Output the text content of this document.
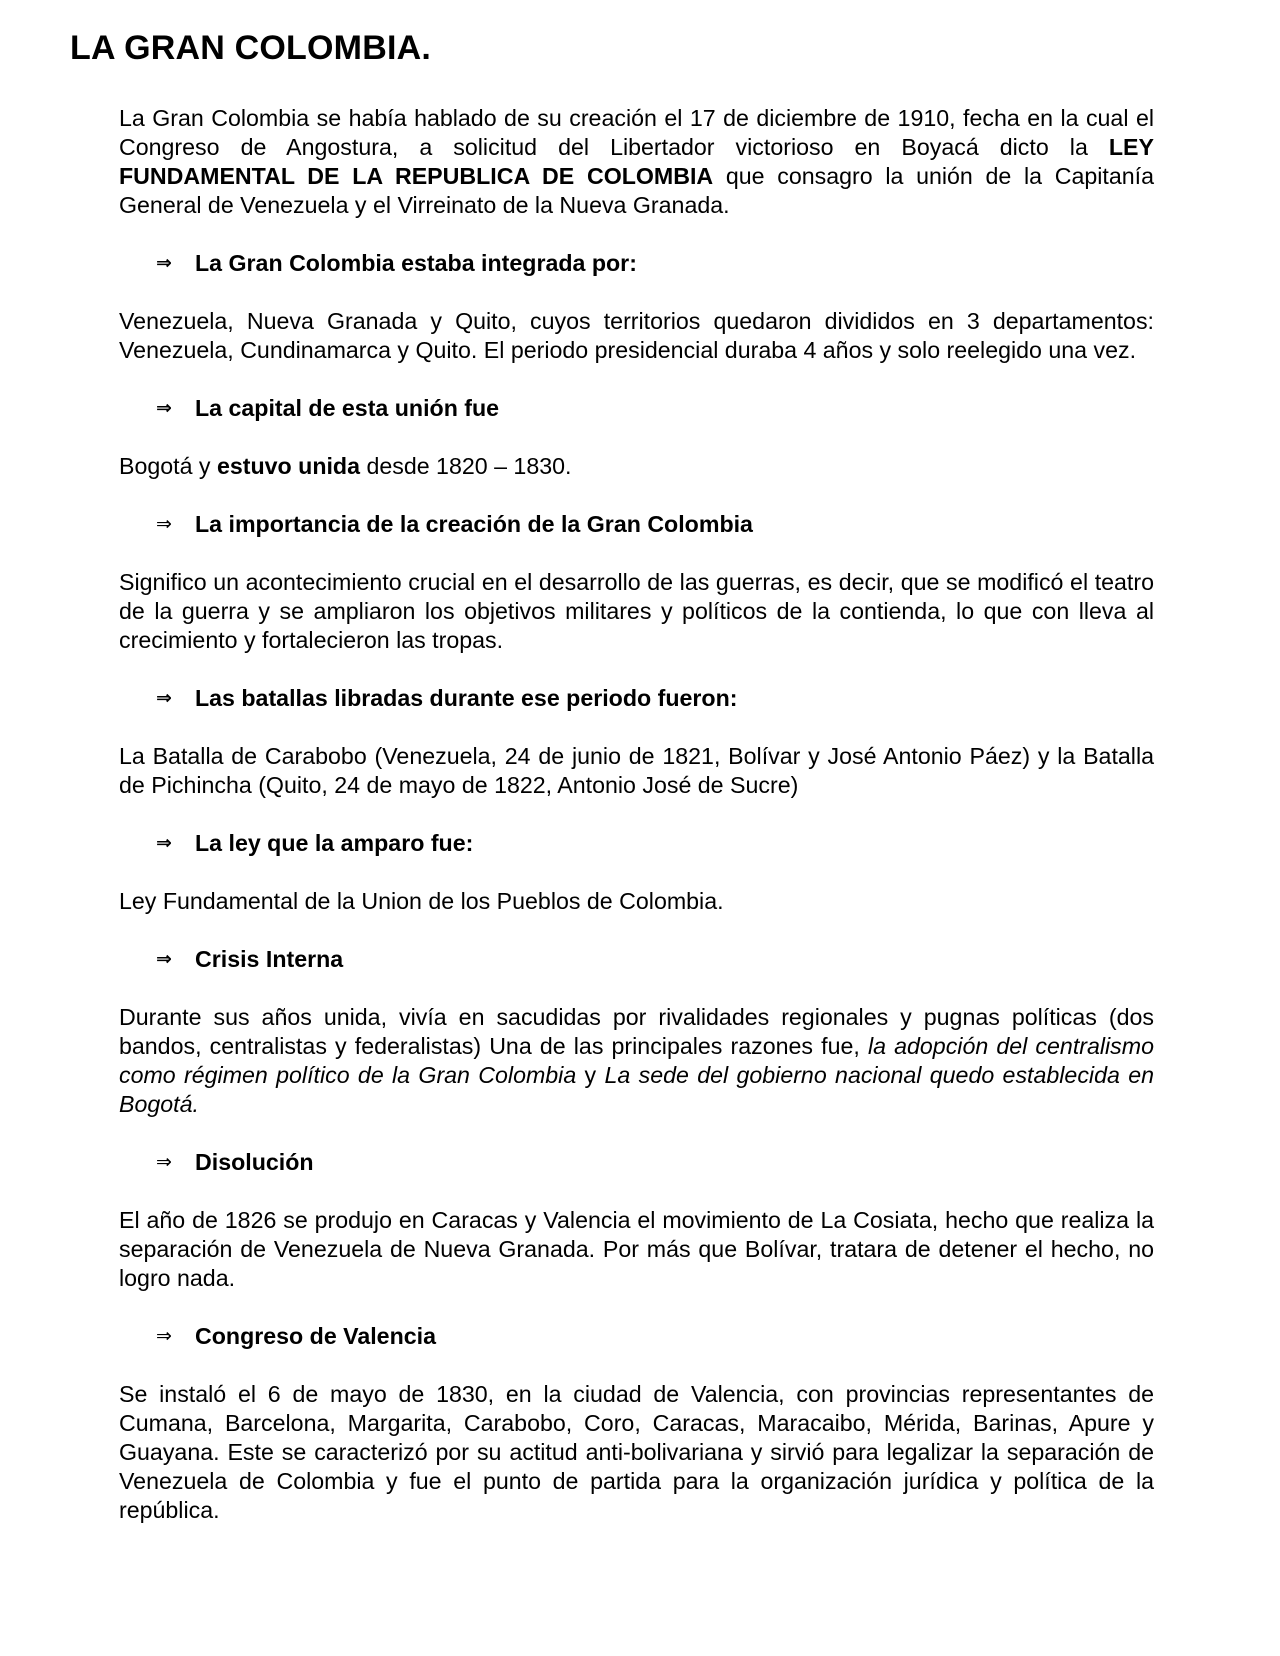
LA GRAN COLOMBIA.

La Gran Colombia se había hablado de su creación el 17 de diciembre de 1910, fecha en la cual el Congreso de Angostura, a solicitud del Libertador victorioso en Boyacá dicto la LEY FUNDAMENTAL DE LA REPUBLICA DE COLOMBIA que consagro la unión de la Capitanía General de Venezuela y el Virreinato de la Nueva Granada.

⇒ La Gran Colombia estaba integrada por:

Venezuela, Nueva Granada y Quito, cuyos territorios quedaron divididos en 3 departamentos: Venezuela, Cundinamarca y Quito. El periodo presidencial duraba 4 años y solo reelegido una vez.

⇒ La capital de esta unión fue

Bogotá y estuvo unida desde 1820 – 1830.

⇒ La importancia de la creación de la Gran Colombia

Significo un acontecimiento crucial en el desarrollo de las guerras, es decir, que se modificó el teatro de la guerra y se ampliaron los objetivos militares y políticos de la contienda, lo que con lleva al crecimiento y fortalecieron las tropas.

⇒ Las batallas libradas durante ese periodo fueron:

La Batalla de Carabobo (Venezuela, 24 de junio de 1821, Bolívar y José Antonio Páez) y la Batalla de Pichincha (Quito, 24 de mayo de 1822, Antonio José de Sucre)

⇒ La ley que la amparo fue:

Ley Fundamental de la Union de los Pueblos de Colombia.

⇒ Crisis Interna

Durante sus años unida, vivía en sacudidas por rivalidades regionales y pugnas políticas (dos bandos, centralistas y federalistas) Una de las principales razones fue, la adopción del centralismo como régimen político de la Gran Colombia y La sede del gobierno nacional quedo establecida en Bogotá.

⇒ Disolución

El año de 1826 se produjo en Caracas y Valencia el movimiento de La Cosiata, hecho que realiza la separación de Venezuela de Nueva Granada. Por más que Bolívar, tratara de detener el hecho, no logro nada.

⇒ Congreso de Valencia

Se instaló el 6 de mayo de 1830, en la ciudad de Valencia, con provincias representantes de Cumana, Barcelona, Margarita, Carabobo, Coro, Caracas, Maracaibo, Mérida, Barinas, Apure y Guayana. Este se caracterizó por su actitud anti-bolivariana y sirvió para legalizar la separación de Venezuela de Colombia y fue el punto de partida para la organización jurídica y política de la república.
